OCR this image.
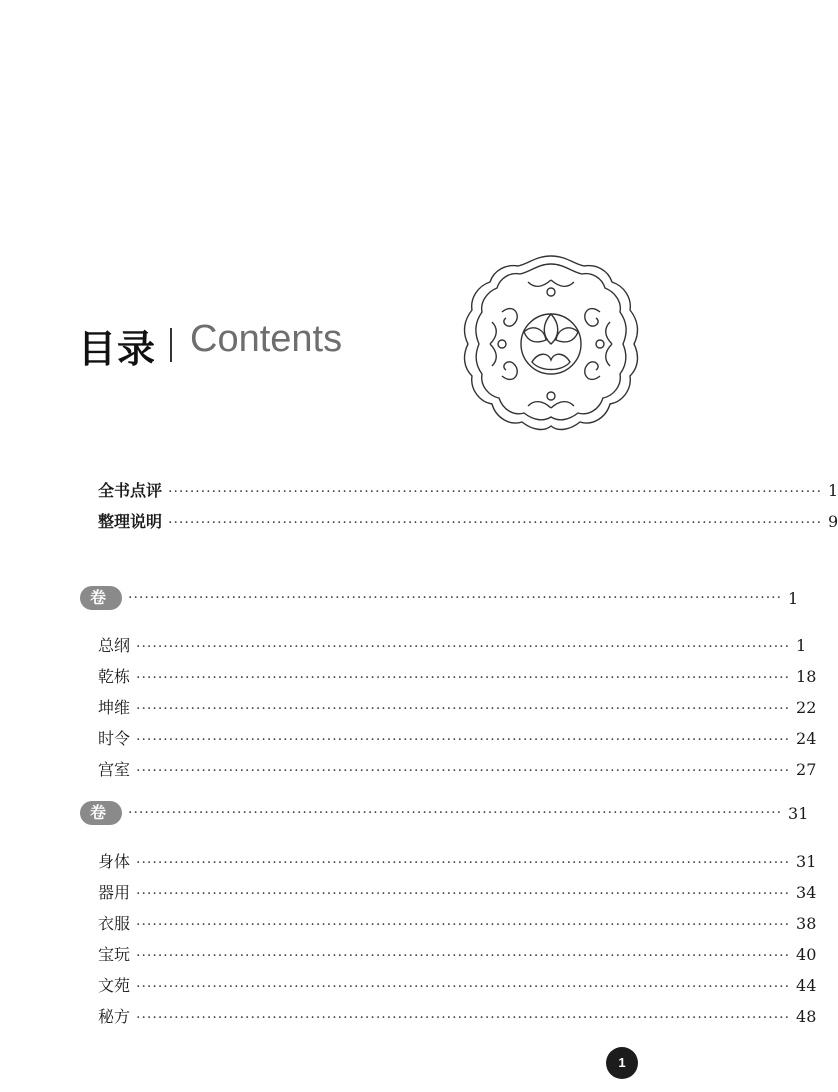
目录 Contents
全书点评 ························································································································ 1
整理说明 ························································································································ 9
卷　一
························································································································ 1
总纲 ························································································································ 1
乾栋 ························································································································ 18
坤维 ························································································································ 22
时令 ························································································································ 24
宫室 ························································································································ 27
卷　二
························································································································ 31
身体 ························································································································ 31
器用 ························································································································ 34
衣服 ························································································································ 38
宝玩 ························································································································ 40
文苑 ························································································································ 44
秘方 ························································································································ 48
1
